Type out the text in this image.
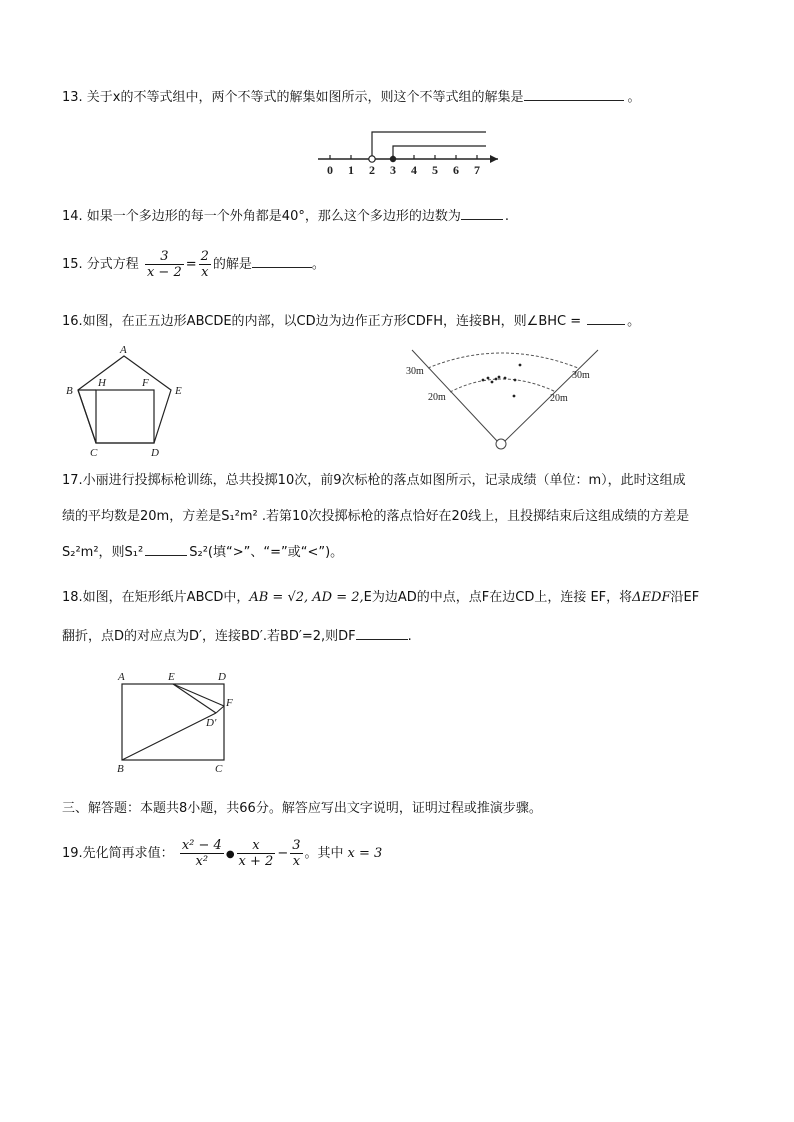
13. 关于x的不等式组中，两个不等式的解集如图所示，则这个不等式组的解集是	。
0 1 2 3 4 5 6 7
14. 如果一个多边形的每一个外角都是40°，那么这个多边形的边数为	.
15. 分式方程 $\frac{3}{x - 2} = \frac{2}{x}$ 的解是	。
16.如图，在正五边形ABCDE的内部，以CD边为边作正方形CDFH，连接BH，则∠BHC =	。
A
B
H	F
E
C	D
30m	30m
20m	20m
17.小丽进行投掷标枪训练，总共投掷10次，前9次标枪的落点如图所示，记录成绩（单位：m），此时这组成
绩的平均数是20m，方差是S₁²m² .若第10次投掷标枪的落点恰好在20线上，且投掷结束后这组成绩的方差是
S₂²m²，则S₁²	S₂²(填“>”、“=”或“<”)。
18.如图，在矩形纸片ABCD中，AB = √2, AD = 2,E为边AD的中点，点F在边CD上，连接 EF，将ΔEDF沿EF
翻折，点D的对应点为D′，连接BD′.若BD′=2,则DF	.
A	E	D
F
D′
B	C
三、解答题：本题共8小题，共66分。解答应写出文字说明，证明过程或推演步骤。
19.先化简再求值： $\frac{\text{x² − 4}}{\text{x²}}$ ● $\frac{x}{x + 2} - \frac{3}{x}$ 。其中 x = 3
